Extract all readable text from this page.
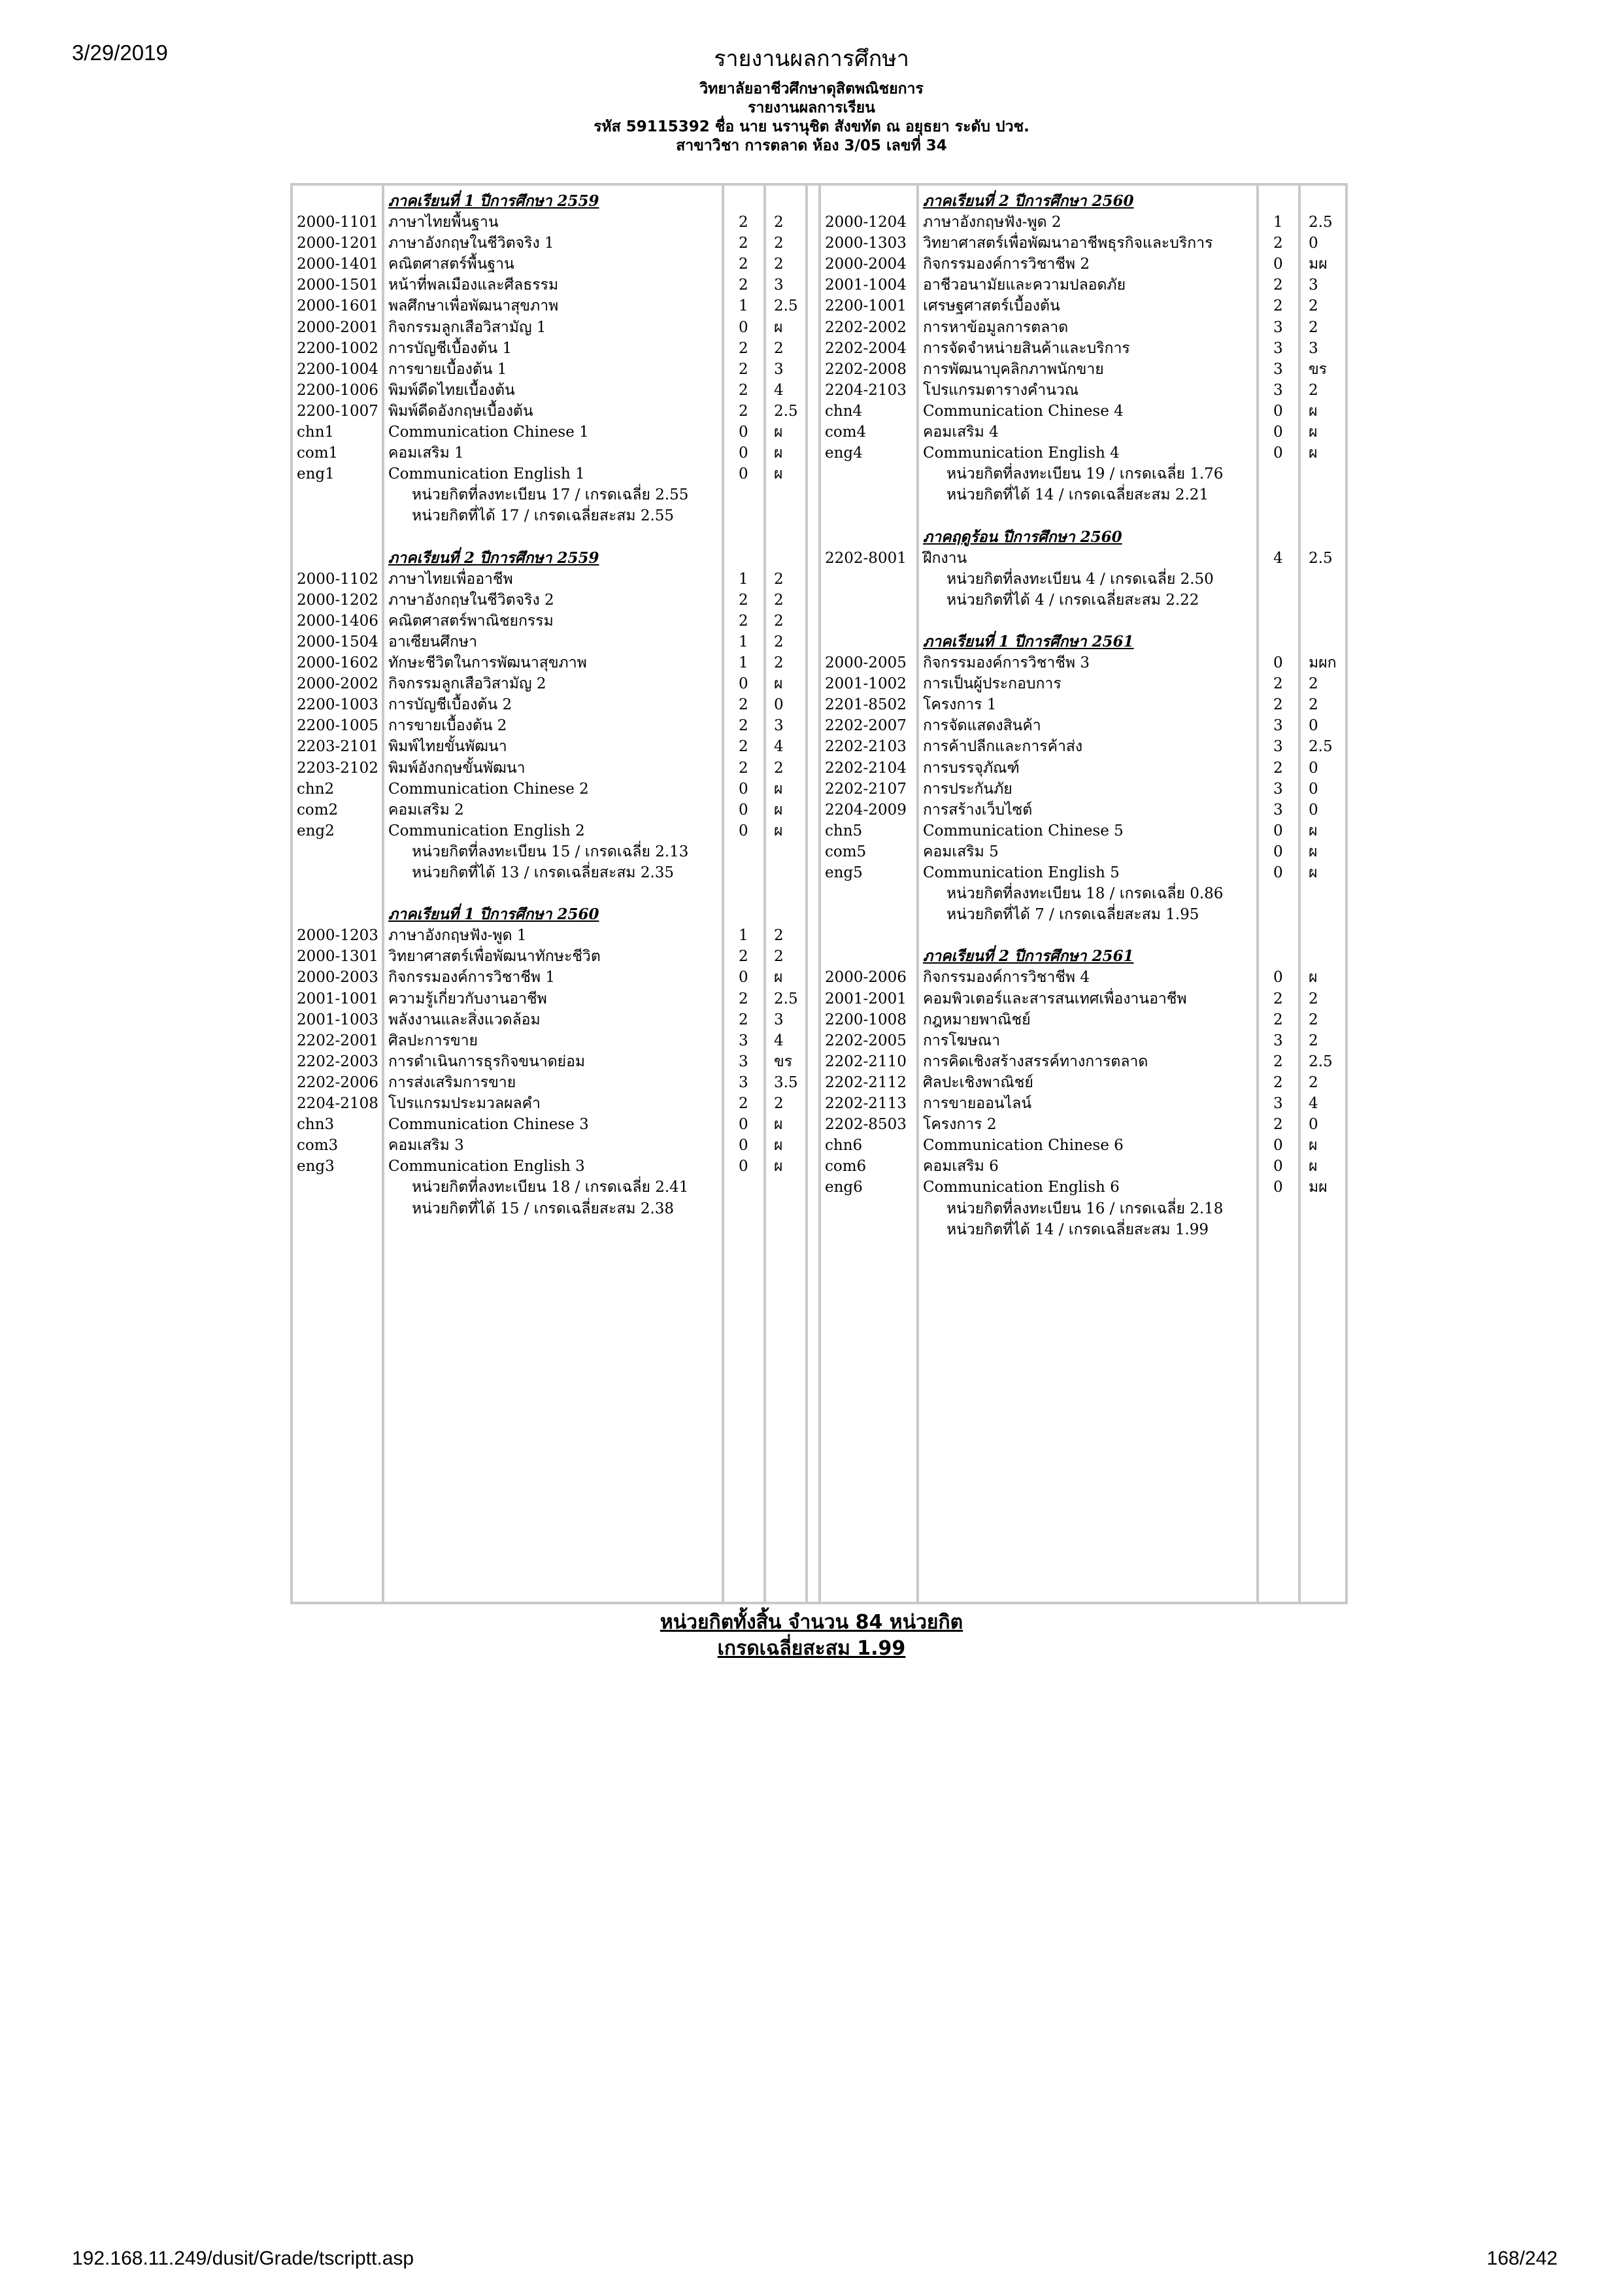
3/29/2019	รายงานผลการศึกษา
วิทยาลัยอาชีวศึกษาดุสิตพณิชยการ
รายงานผลการเรียน
รหัส 59115392 ชื่อ นาย นรานุชิต สังขทัต ณ อยุธยา ระดับ ปวช.
สาขาวิชา การตลาด ห้อง 3/05 เลขที่ 34
ภาคเรียนที่ 1 ปีการศึกษา 2559
2000-1101 ภาษาไทยพื้นฐาน	2 2
2000-1201 ภาษาอังกฤษในชีวิตจริง 1	2 2
2000-1401 คณิตศาสตร์พื้นฐาน	2 2
2000-1501 หน้าที่พลเมืองและศีลธรรม	2 3
2000-1601 พลศึกษาเพื่อพัฒนาสุขภาพ	1 2.5
2000-2001 กิจกรรมลูกเสือวิสามัญ 1	0 ผ
2200-1002 การบัญชีเบื้องต้น 1	2 2
2200-1004 การขายเบื้องต้น 1	2 3
2200-1006 พิมพ์ดีดไทยเบื้องต้น	2 4
2200-1007 พิมพ์ดีดอังกฤษเบื้องต้น	2 2.5
chn1	Communication Chinese 1	0 ผ
com1	คอมเสริม 1	0 ผ
eng1	Communication English 1	0 ผ
หน่วยกิตที่ลงทะเบียน 17 / เกรดเฉลี่ย 2.55
หน่วยกิตที่ได้ 17 / เกรดเฉลี่ยสะสม 2.55
ภาคเรียนที่ 2 ปีการศึกษา 2559
2000-1102 ภาษาไทยเพื่ออาชีพ	1 2
2000-1202 ภาษาอังกฤษในชีวิตจริง 2	2 2
2000-1406 คณิตศาสตร์พาณิชยกรรม	2 2
2000-1504 อาเซียนศึกษา	1 2
2000-1602 ทักษะชีวิตในการพัฒนาสุขภาพ	1 2
2000-2002 กิจกรรมลูกเสือวิสามัญ 2	0 ผ
2200-1003 การบัญชีเบื้องต้น 2	2 0
2200-1005 การขายเบื้องต้น 2	2 3
2203-2101 พิมพ์ไทยขั้นพัฒนา	2 4
2203-2102 พิมพ์อังกฤษขั้นพัฒนา	2 2
chn2	Communication Chinese 2	0 ผ
com2	คอมเสริม 2	0 ผ
eng2	Communication English 2	0 ผ
หน่วยกิตที่ลงทะเบียน 15 / เกรดเฉลี่ย 2.13
หน่วยกิตที่ได้ 13 / เกรดเฉลี่ยสะสม 2.35
ภาคเรียนที่ 1 ปีการศึกษา 2560
2000-1203 ภาษาอังกฤษฟัง-พูด 1	1 2
2000-1301 วิทยาศาสตร์เพื่อพัฒนาทักษะชีวิต	2 2
2000-2003 กิจกรรมองค์การวิชาชีพ 1	0 ผ
2001-1001 ความรู้เกี่ยวกับงานอาชีพ	2 2.5
2001-1003 พลังงานและสิ่งแวดล้อม	2 3
2202-2001 ศิลปะการขาย	3 4
2202-2003 การดำเนินการธุรกิจขนาดย่อม	3 ขร
2202-2006 การส่งเสริมการขาย	3 3.5
2204-2108 โปรแกรมประมวลผลคำ	2 2
chn3	Communication Chinese 3	0 ผ
com3	คอมเสริม 3	0 ผ
eng3	Communication English 3	0 ผ
หน่วยกิตที่ลงทะเบียน 18 / เกรดเฉลี่ย 2.41
หน่วยกิตที่ได้ 15 / เกรดเฉลี่ยสะสม 2.38
ภาคเรียนที่ 2 ปีการศึกษา 2560
2000-1204 ภาษาอังกฤษฟัง-พูด 2	1 2.5
2000-1303 วิทยาศาสตร์เพื่อพัฒนาอาชีพธุรกิจและบริการ	2 0
2000-2004 กิจกรรมองค์การวิชาชีพ 2	0 มผ
2001-1004 อาชีวอนามัยและความปลอดภัย	2 3
2200-1001 เศรษฐศาสตร์เบื้องต้น	2 2
2202-2002 การหาข้อมูลการตลาด	3 2
2202-2004 การจัดจำหน่ายสินค้าและบริการ	3 3
2202-2008 การพัฒนาบุคลิกภาพนักขาย	3 ขร
2204-2103 โปรแกรมตารางคำนวณ	3 2
chn4	Communication Chinese 4	0 ผ
com4	คอมเสริม 4	0 ผ
eng4	Communication English 4	0 ผ
หน่วยกิตที่ลงทะเบียน 19 / เกรดเฉลี่ย 1.76
หน่วยกิตที่ได้ 14 / เกรดเฉลี่ยสะสม 2.21
ภาคฤดูร้อน ปีการศึกษา 2560
2202-8001 ฝึกงาน	4 2.5
หน่วยกิตที่ลงทะเบียน 4 / เกรดเฉลี่ย 2.50
หน่วยกิตที่ได้ 4 / เกรดเฉลี่ยสะสม 2.22
ภาคเรียนที่ 1 ปีการศึกษา 2561
2000-2005 กิจกรรมองค์การวิชาชีพ 3	0 มผก
2001-1002 การเป็นผู้ประกอบการ	2 2
2201-8502 โครงการ 1	2 2
2202-2007 การจัดแสดงสินค้า	3 0
2202-2103 การค้าปลีกและการค้าส่ง	3 2.5
2202-2104 การบรรจุภัณฑ์	2 0
2202-2107 การประกันภัย	3 0
2204-2009 การสร้างเว็บไซต์	3 0
chn5	Communication Chinese 5	0 ผ
com5	คอมเสริม 5	0 ผ
eng5	Communication English 5	0 ผ
หน่วยกิตที่ลงทะเบียน 18 / เกรดเฉลี่ย 0.86
หน่วยกิตที่ได้ 7 / เกรดเฉลี่ยสะสม 1.95
ภาคเรียนที่ 2 ปีการศึกษา 2561
2000-2006 กิจกรรมองค์การวิชาชีพ 4	0 ผ
2001-2001 คอมพิวเตอร์และสารสนเทศเพื่องานอาชีพ	2 2
2200-1008 กฎหมายพาณิชย์	2 2
2202-2005 การโฆษณา	3 2
2202-2110 การคิดเชิงสร้างสรรค์ทางการตลาด	2 2.5
2202-2112 ศิลปะเชิงพาณิชย์	2 2
2202-2113 การขายออนไลน์	3 4
2202-8503 โครงการ 2	2 0
chn6	Communication Chinese 6	0 ผ
com6	คอมเสริม 6	0 ผ
eng6	Communication English 6	0 มผ
หน่วยกิตที่ลงทะเบียน 16 / เกรดเฉลี่ย 2.18
หน่วยกิตที่ได้ 14 / เกรดเฉลี่ยสะสม 1.99
หน่วยกิตทั้งสิ้น จำนวน 84 หน่วยกิต
เกรดเฉลี่ยสะสม 1.99
192.168.11.249/dusit/Grade/tscriptt.asp	168/242
